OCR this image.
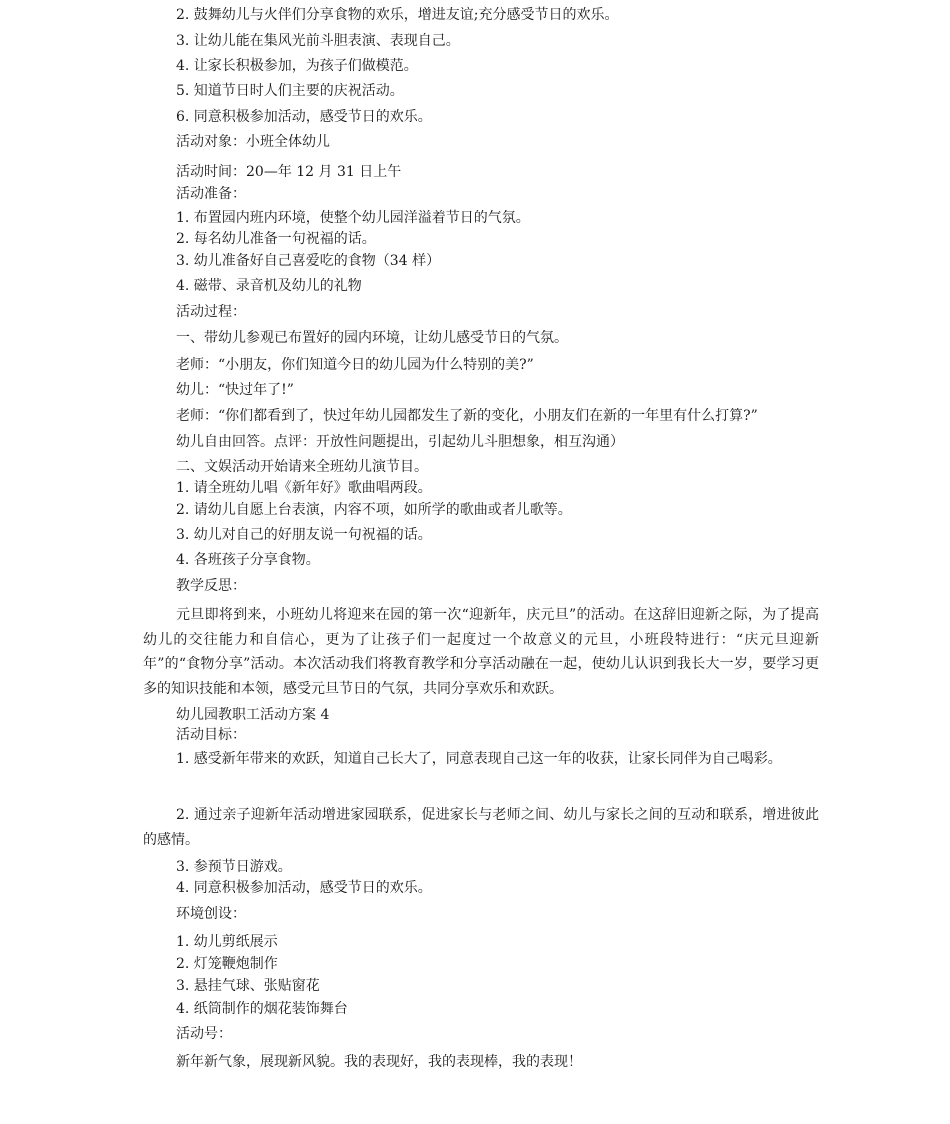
2. 鼓舞幼儿与火伴们分享食物的欢乐，增进友谊;充分感受节日的欢乐。
3. 让幼儿能在集风光前斗胆表演、表现自己。
4. 让家长积极参加，为孩子们做模范。
5. 知道节日时人们主要的庆祝活动。
6. 同意积极参加活动，感受节日的欢乐。
活动对象：小班全体幼儿
活动时间：20—年 12 月 31 日上午
活动准备：
1. 布置园内班内环境，使整个幼儿园洋溢着节日的气氛。
2. 每名幼儿准备一句祝福的话。
3. 幼儿准备好自己喜爱吃的食物（34 样）
4. 磁带、录音机及幼儿的礼物
活动过程：
一、带幼儿参观已布置好的园内环境，让幼儿感受节日的气氛。
老师：“小朋友，你们知道今日的幼儿园为什么特别的美?”
幼儿：“快过年了!”
老师：“你们都看到了，快过年幼儿园都发生了新的变化，小朋友们在新的一年里有什么打算?”
幼儿自由回答。点评：开放性问题提出，引起幼儿斗胆想象，相互沟通）
二、文娱活动开始请来全班幼儿演节目。
1. 请全班幼儿唱《新年好》歌曲唱两段。
2. 请幼儿自愿上台表演，内容不项，如所学的歌曲或者儿歌等。
3. 幼儿对自己的好朋友说一句祝福的话。
4. 各班孩子分享食物。
教学反思：
元旦即将到来，小班幼儿将迎来在园的第一次“迎新年，庆元旦”的活动。在这辞旧迎新之际，为了提高幼儿的交往能力和自信心，更为了让孩子们一起度过一个故意义的元旦，小班段特进行：“庆元旦迎新年”的“食物分享”活动。本次活动我们将教育教学和分享活动融在一起，使幼儿认识到我长大一岁，要学习更多的知识技能和本领，感受元旦节日的气氛，共同分享欢乐和欢跃。
幼儿园教职工活动方案 4
活动目标：
1. 感受新年带来的欢跃，知道自己长大了，同意表现自己这一年的收获，让家长同伴为自己喝彩。
2. 通过亲子迎新年活动增进家园联系，促进家长与老师之间、幼儿与家长之间的互动和联系，增进彼此的感情。
3. 参预节日游戏。
4. 同意积极参加活动，感受节日的欢乐。
环境创设：
1. 幼儿剪纸展示
2. 灯笼鞭炮制作
3. 悬挂气球、张贴窗花
4. 纸筒制作的烟花装饰舞台
活动号：
新年新气象，展现新风貌。我的表现好，我的表现棒，我的表现！
